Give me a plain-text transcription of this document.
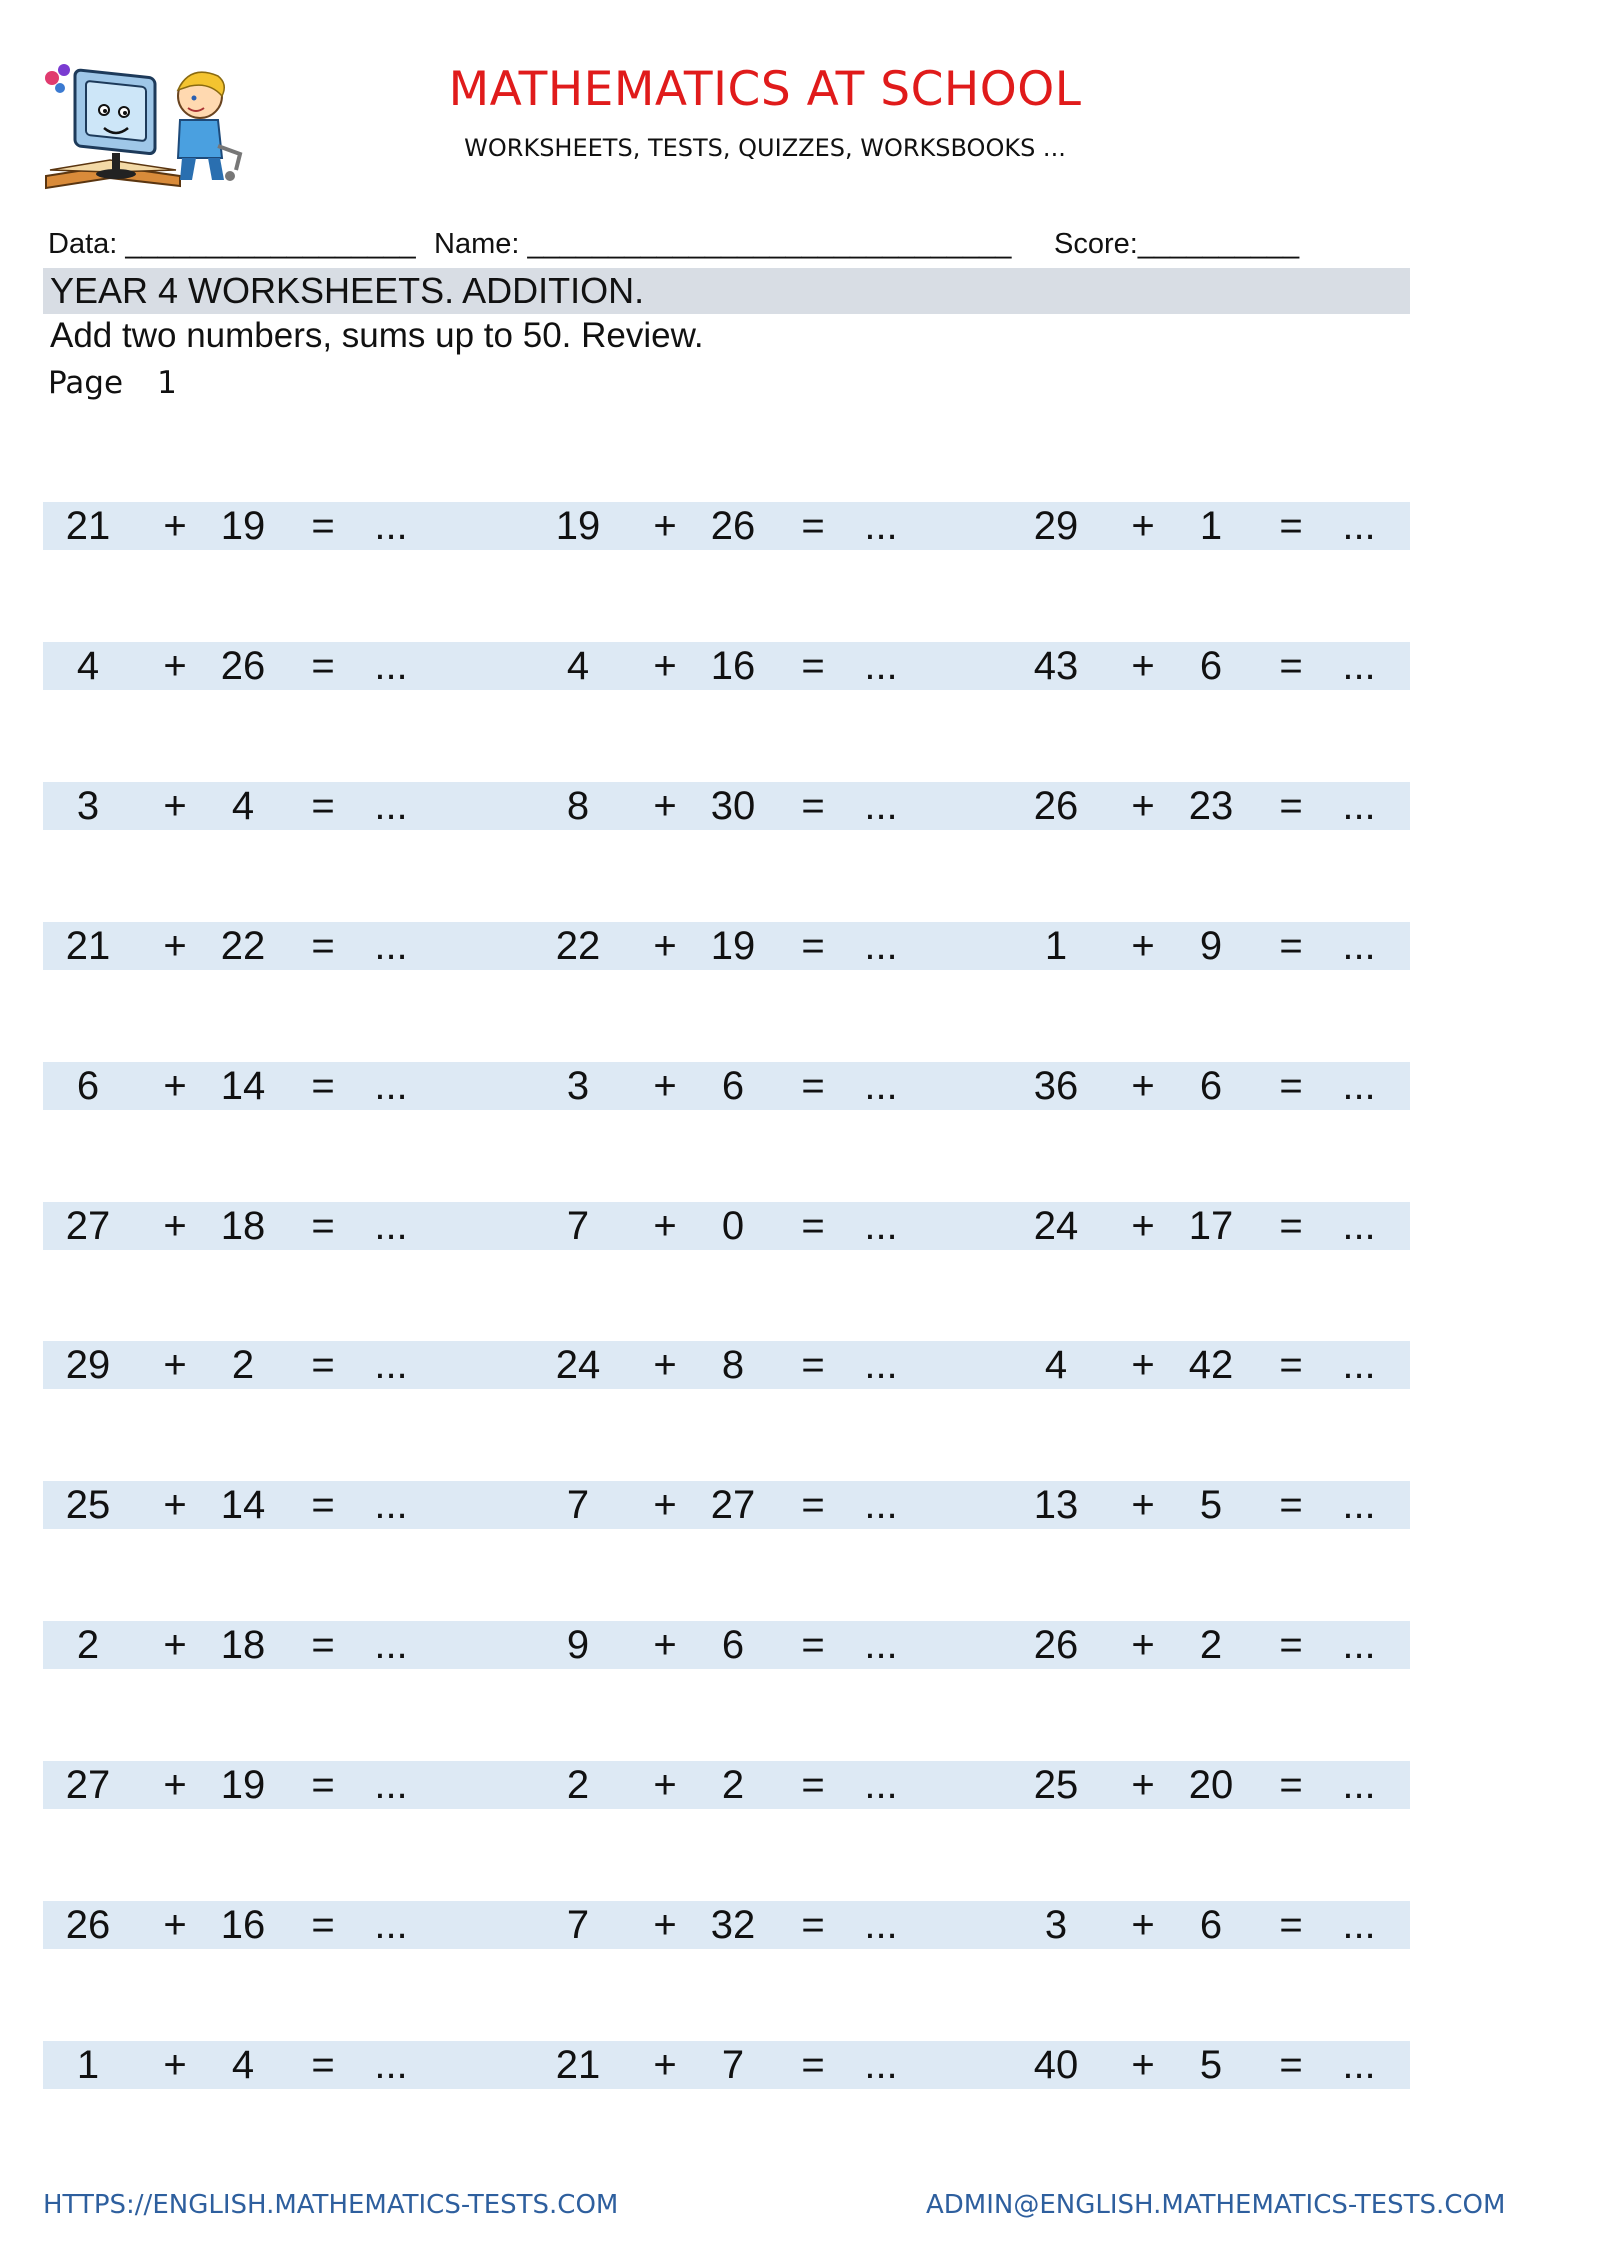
MATHEMATICS AT SCHOOL
WORKSHEETS, TESTS, QUIZZES, WORKSBOOKS ...
Data: __________________ Name: ______________________________ Score:__________
YEAR 4 WORKSHEETS. ADDITION.
Add two numbers, sums up to 50. Review.
Page 1
21	+ 19	= ...	19	+ 26	= ...	29	+	1	= ...
4	+ 26	= ...	4	+ 16	= ...	43	+	6	= ...
3	+	4	= ...	8	+ 30	= ...	26	+ 23	= ...
21	+ 22	= ...	22	+ 19	= ...	1	+	9	= ...
6	+ 14	= ...	3	+	6	= ...	36	+	6	= ...
27	+ 18	= ...	7	+	0	= ...	24	+ 17	= ...
29	+	2	= ...	24	+	8	= ...	4	+ 42	= ...
25	+ 14	= ...	7	+ 27	= ...	13	+	5	= ...
2	+ 18	= ...	9	+	6	= ...	26	+	2	= ...
27	+ 19	= ...	2	+	2	= ...	25	+ 20	= ...
26	+ 16	= ...	7	+ 32	= ...	3	+	6	= ...
1	+	4	= ...	21	+	7	= ...	40	+	5	= ...
HTTPS://ENGLISH.MATHEMATICS-TESTS.COM	ADMIN@ENGLISH.MATHEMATICS-TESTS.COM
